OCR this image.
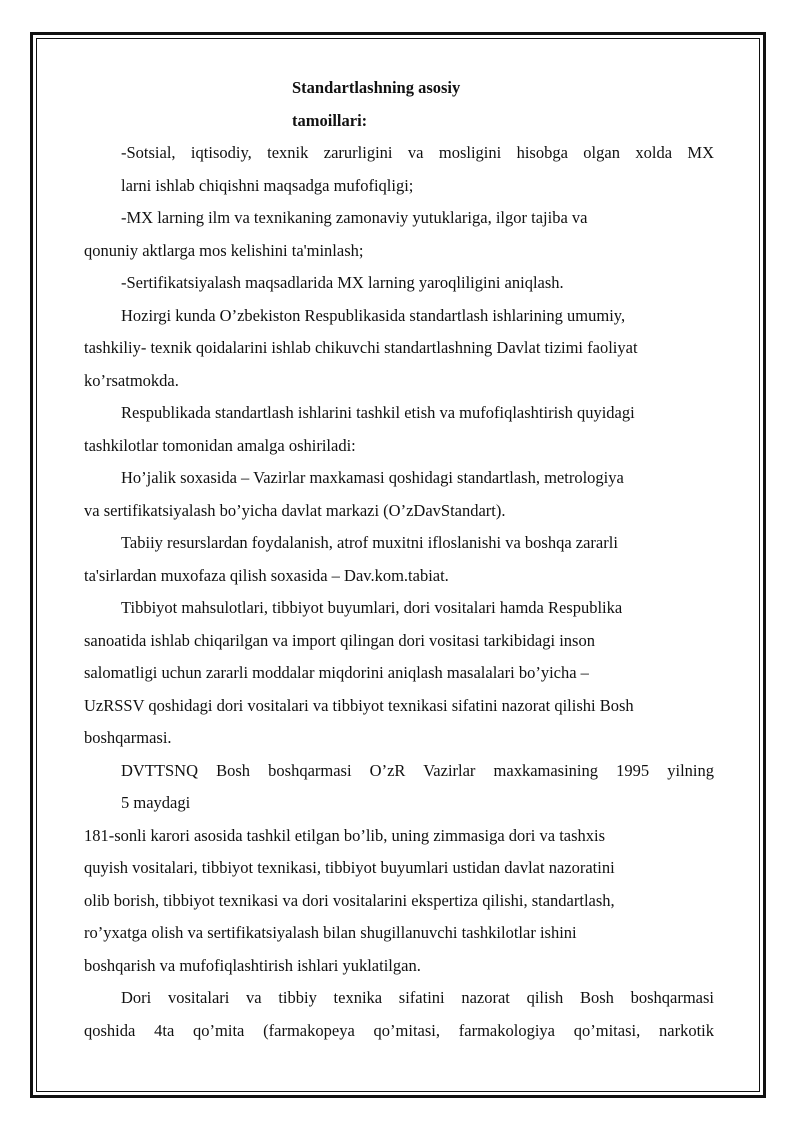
Standartlashning asosiy
tamoillari:
-Sotsial, iqtisodiy, texnik zarurligini va mosligini hisobga olgan xolda MX
larni ishlab chiqishni maqsadga mufofiqligi;
-MX larning ilm va texnikaning zamonaviy yutuklariga, ilgor tajiba va
qonuniy aktlarga mos kelishini ta'minlash;
-Sertifikatsiyalash maqsadlarida MX larning yaroqliligini aniqlash.
Hozirgi kunda O’zbekiston Respublikasida standartlash ishlarining umumiy,
tashkiliy- texnik qoidalarini ishlab chikuvchi standartlashning Davlat tizimi faoliyat
ko’rsatmokda.
Respublikada standartlash ishlarini tashkil etish va mufofiqlashtirish quyidagi
tashkilotlar tomonidan amalga oshiriladi:
Ho’jalik soxasida – Vazirlar maxkamasi qoshidagi standartlash, metrologiya
va sertifikatsiyalash bo’yicha davlat markazi (O’zDavStandart).
Tabiiy resurslardan foydalanish, atrof muxitni ifloslanishi va boshqa zararli
ta'sirlardan muxofaza qilish soxasida – Dav.kom.tabiat.
Tibbiyot mahsulotlari, tibbiyot buyumlari, dori vositalari hamda Respublika
sanoatida ishlab chiqarilgan va import qilingan dori vositasi tarkibidagi inson
salomatligi uchun zararli moddalar miqdorini aniqlash masalalari bo’yicha –
UzRSSV qoshidagi dori vositalari va tibbiyot texnikasi sifatini nazorat qilishi Bosh
boshqarmasi.
DVTTSNQ Bosh boshqarmasi O’zR Vazirlar maxkamasining 1995 yilning
5 maydagi
181-sonli karori asosida tashkil etilgan bo’lib, uning zimmasiga dori va tashxis
quyish vositalari, tibbiyot texnikasi, tibbiyot buyumlari ustidan davlat nazoratini
olib borish, tibbiyot texnikasi va dori vositalarini ekspertiza qilishi, standartlash,
ro’yxatga olish va sertifikatsiyalash bilan shugillanuvchi tashkilotlar ishini
boshqarish va mufofiqlashtirish ishlari yuklatilgan.
Dori vositalari va tibbiy texnika sifatini nazorat qilish Bosh boshqarmasi
qoshida 4ta qo’mita (farmakopeya qo’mitasi, farmakologiya qo’mitasi, narkotik
